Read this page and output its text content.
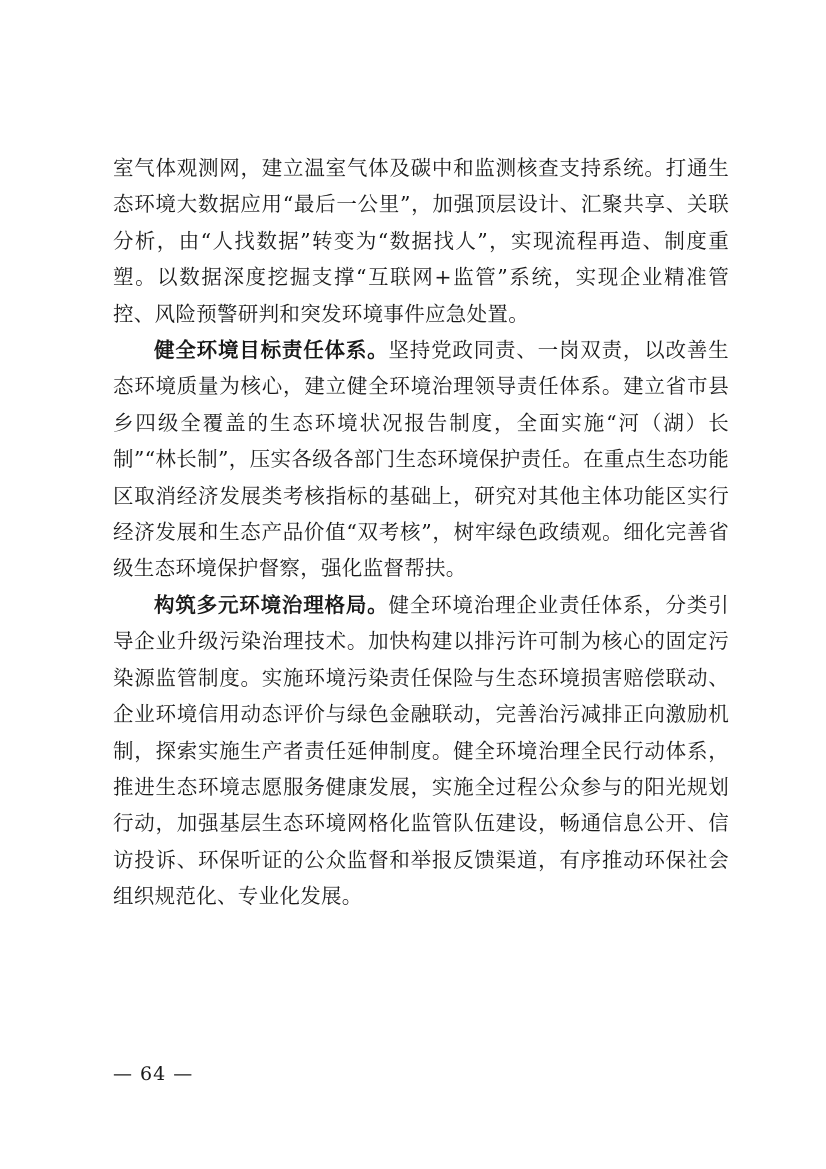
室气体观测网，建立温室气体及碳中和监测核查支持系统。打通生态环境大数据应用“最后一公里”，加强顶层设计、汇聚共享、关联分析，由“人找数据”转变为“数据找人”，实现流程再造、制度重塑。以数据深度挖掘支撑“互联网+监管”系统，实现企业精准管控、风险预警研判和突发环境事件应急处置。

健全环境目标责任体系。坚持党政同责、一岗双责，以改善生态环境质量为核心，建立健全环境治理领导责任体系。建立省市县乡四级全覆盖的生态环境状况报告制度，全面实施“河（湖）长制”“林长制”，压实各级各部门生态环境保护责任。在重点生态功能区取消经济发展类考核指标的基础上，研究对其他主体功能区实行经济发展和生态产品价值“双考核”，树牢绿色政绩观。细化完善省级生态环境保护督察，强化监督帮扶。

构筑多元环境治理格局。健全环境治理企业责任体系，分类引导企业升级污染治理技术。加快构建以排污许可制为核心的固定污染源监管制度。实施环境污染责任保险与生态环境损害赔偿联动、企业环境信用动态评价与绿色金融联动，完善治污减排正向激励机制，探索实施生产者责任延伸制度。健全环境治理全民行动体系，推进生态环境志愿服务健康发展，实施全过程公众参与的阳光规划行动，加强基层生态环境网格化监管队伍建设，畅通信息公开、信访投诉、环保听证的公众监督和举报反馈渠道，有序推动环保社会组织规范化、专业化发展。

— 64 —
